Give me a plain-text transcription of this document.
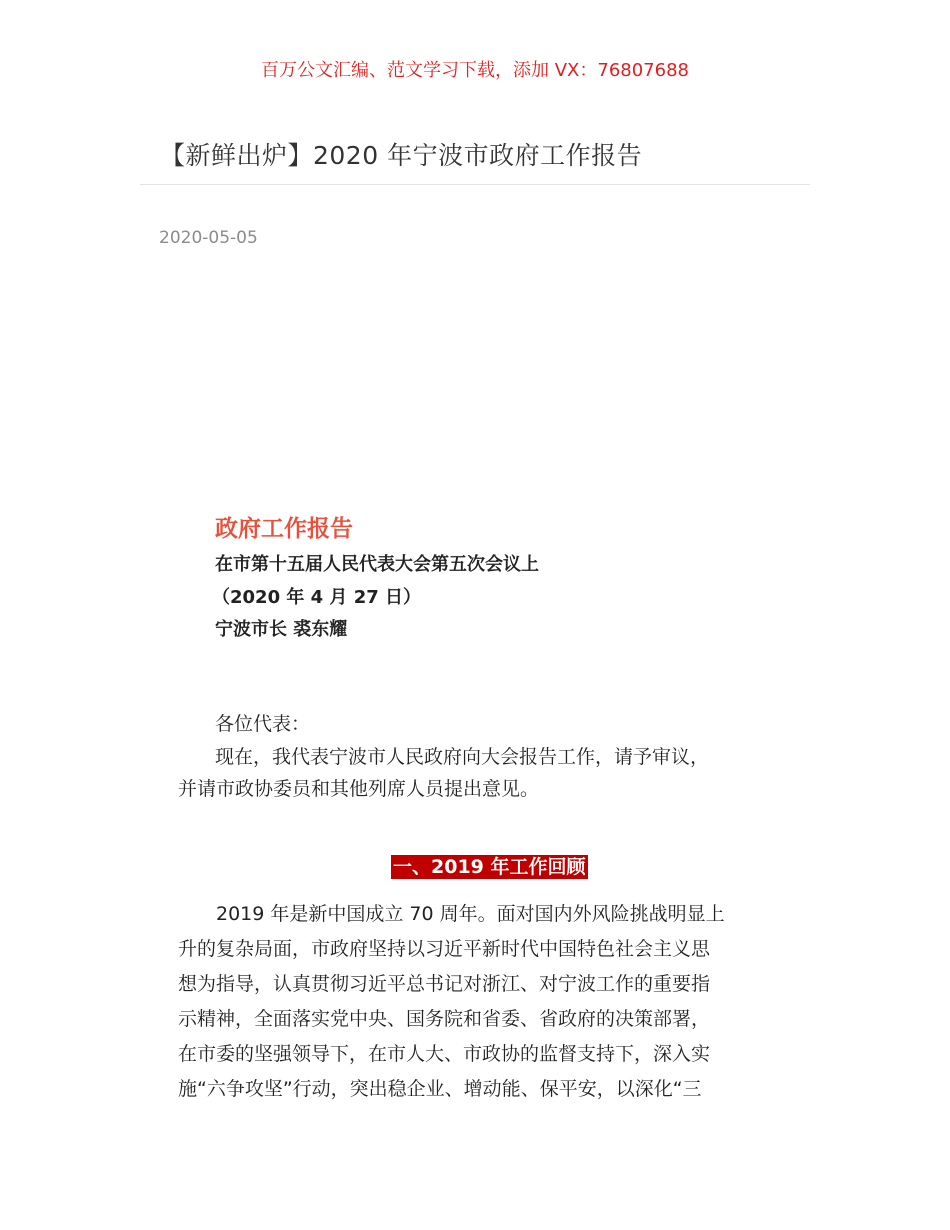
百万公文汇编、范文学习下载，添加 VX：76807688
【新鲜出炉】2020 年宁波市政府工作报告
2020-05-05
政府工作报告
在市第十五届人民代表大会第五次会议上
（2020 年 4 月 27 日）
宁波市长 裘东耀
各位代表：
现在，我代表宁波市人民政府向大会报告工作，请予审议，
并请市政协委员和其他列席人员提出意见。
一、2019 年工作回顾
2019 年是新中国成立 70 周年。面对国内外风险挑战明显上
升的复杂局面，市政府坚持以习近平新时代中国特色社会主义思
想为指导，认真贯彻习近平总书记对浙江、对宁波工作的重要指
示精神，全面落实党中央、国务院和省委、省政府的决策部署，
在市委的坚强领导下，在市人大、市政协的监督支持下，深入实
施“六争攻坚”行动，突出稳企业、增动能、保平安，以深化“三
